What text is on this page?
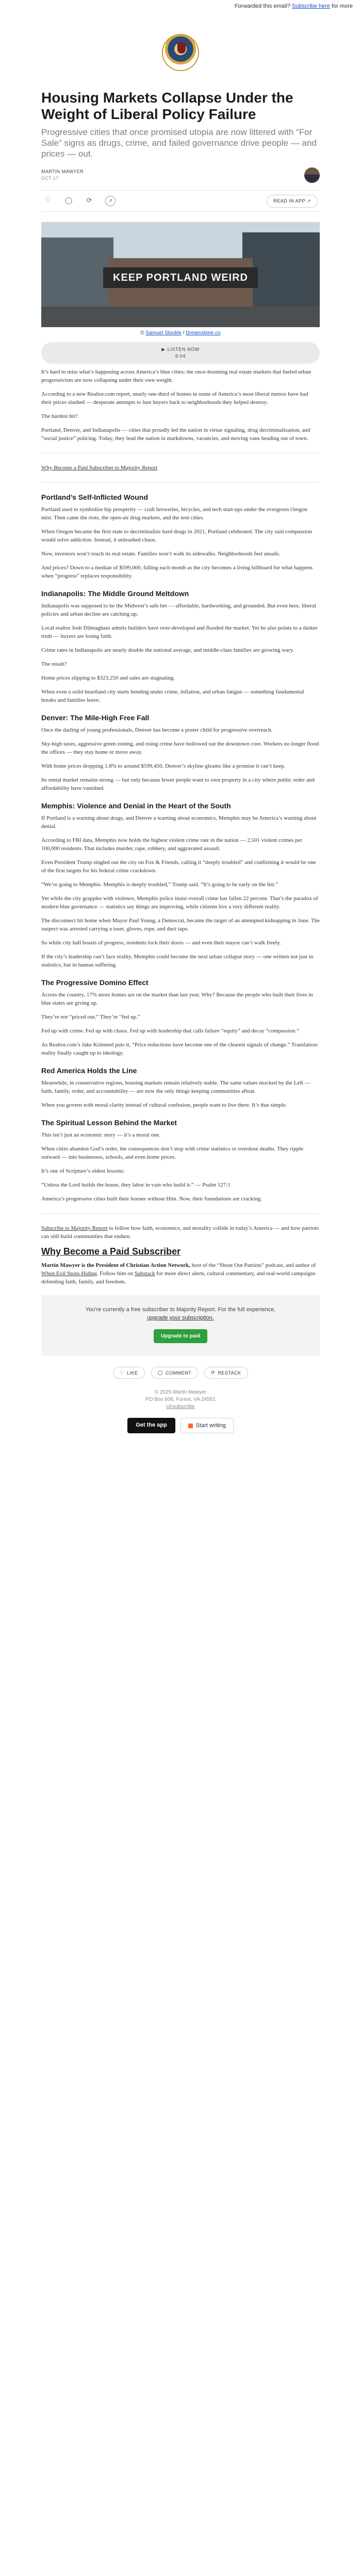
Forwarded this email? Subscribe here for more
Housing Markets Collapse Under the Weight of Liberal Policy Failure

Progressive cities that once promised utopia are now littered with “For Sale” signs as drugs, crime, and failed governance drive people — and prices — out.

MARTIN MAWYER
OCT 17
♡ ◯ ⟳	↗	READ IN APP ↗
KEEP PORTLAND WEIRD
© Samuel Stockle / Dreamstime.co
▶ LISTEN NOW
6:04

It’s hard to miss what’s happening across America’s blue cities: the once-booming real estate markets that fueled urban progressivism are now collapsing under their own weight.

According to a new Realtor.com report, nearly one-third of homes in some of America’s most liberal metros have had their prices slashed — desperate attempts to lure buyers back to neighborhoods they helped destroy.

The hardest hit?

Portland, Denver, and Indianapolis — cities that proudly led the nation in virtue signaling, drug decriminalization, and “social justice” policing. Today, they lead the nation in markdowns, vacancies, and moving vans heading out of town.

Why Become a Paid Subscriber to Majority Report

Portland’s Self-Inflicted Wound

Portland used to symbolize hip prosperity — craft breweries, bicycles, and tech start-ups under the evergreen Oregon mist. Then came the riots, the open-air drug markets, and the tent cities.

When Oregon became the first state to decriminalize hard drugs in 2021, Portland celebrated. The city said compassion would solve addiction. Instead, it unleashed chaos.

Now, investors won’t touch its real estate. Families won’t walk its sidewalks. Neighborhoods feel unsafe.

And prices? Down to a median of $599,000, falling each month as the city becomes a living billboard for what happens when “progress” replaces responsibility.

Indianapolis: The Middle Ground Meltdown

Indianapolis was supposed to be the Midwest’s safe bet — affordable, hardworking, and grounded. But even here, liberal policies and urban decline are catching up.

Local realtor Josh Dilmaghani admits builders have over-developed and flooded the market. Yet he also points to a darker truth — buyers are losing faith.

Crime rates in Indianapolis are nearly double the national average, and middle-class families are growing wary.

The result?

Home prices slipping to $323,250 and sales are stagnating.

When even a solid heartland city starts bending under crime, inflation, and urban fatigue — something fundamental breaks and families leave.

Denver: The Mile-High Free Fall

Once the darling of young professionals, Denver has become a poster child for progressive overreach.

Sky-high taxes, aggressive green zoning, and rising crime have hollowed out the downtown core. Workers no longer flood the offices — they stay home or move away.

With home prices dropping 1.8% to around $599,450, Denver’s skyline gleams like a promise it can’t keep.

Its rental market remains strong — but only because fewer people want to own property in a city where public order and affordability have vanished.

Memphis: Violence and Denial in the Heart of the South

If Portland is a warning about drugs, and Denver a warning about economics, Memphis may be America’s warning about denial.

According to FBI data, Memphis now holds the highest violent crime rate in the nation — 2,501 violent crimes per 100,000 residents. That includes murder, rape, robbery, and aggravated assault.

Even President Trump singled out the city on Fox & Friends, calling it “deeply troubled” and confirming it would be one of the first targets for his federal crime crackdown.

“We’re going to Memphis. Memphis is deeply troubled,” Trump said. “It’s going to be early on the list.”

Yet while the city grapples with violence, Memphis police insist overall crime has fallen 22 percent. That’s the paradox of modern blue governance — statistics say things are improving, while citizens live a very different reality.

The disconnect hit home when Mayor Paul Young, a Democrat, became the target of an attempted kidnapping in June. The suspect was arrested carrying a taser, gloves, rope, and duct tape.

So while city hall boasts of progress, residents lock their doors — and even their mayor can’t walk freely.

If the city’s leadership can’t face reality, Memphis could become the next urban collapse story — one written not just in statistics, but in human suffering.

The Progressive Domino Effect

Across the country, 17% more homes are on the market than last year. Why? Because the people who built their lives in blue states are giving up.

They’re not “priced out.” They’re “fed up.”

Fed up with crime. Fed up with chaos. Fed up with leadership that calls failure “equity” and decay “compassion.”

As Realtor.com’s Jake Krimmel puts it, “Price reductions have become one of the clearest signals of change.” Translation: reality finally caught up to ideology.

Red America Holds the Line

Meanwhile, in conservative regions, housing markets remain relatively stable. The same values mocked by the Left — faith, family, order, and accountability — are now the only things keeping communities afloat.

When you govern with moral clarity instead of cultural confusion, people want to live there. It’s that simple.

The Spiritual Lesson Behind the Market

This isn’t just an economic story — it’s a moral one.

When cities abandon God’s order, the consequences don’t stop with crime statistics or overdose deaths. They ripple outward — into businesses, schools, and even home prices.

It’s one of Scripture’s oldest lessons:

“Unless the Lord builds the house, they labor in vain who build it.” — Psalm 127:1

America’s progressive cities built their houses without Him. Now, their foundations are cracking.

Subscribe to Majority Report to follow how faith, economics, and morality collide in today’s America — and how patriots can still build communities that endure.

Why Become a Paid Subscriber

Martin Mawyer is the President of Christian Action Network, host of the “Shout Out Patriots” podcast, and author of When Evil Stops Hiding. Follow him on Substack for more direct alerts, cultural commentary, and real-world campaigns defending faith, family, and freedom.

You’re currently a free subscriber to Majority Report. For the full experience,
upgrade your subscription.

Upgrade to paid
♡ LIKE	◯ COMMENT	⟳ RESTACK
© 2025 Martin Mawyer
PO Box 606, Forest, VA 24551
Unsubscribe
Get the app	Start writing
